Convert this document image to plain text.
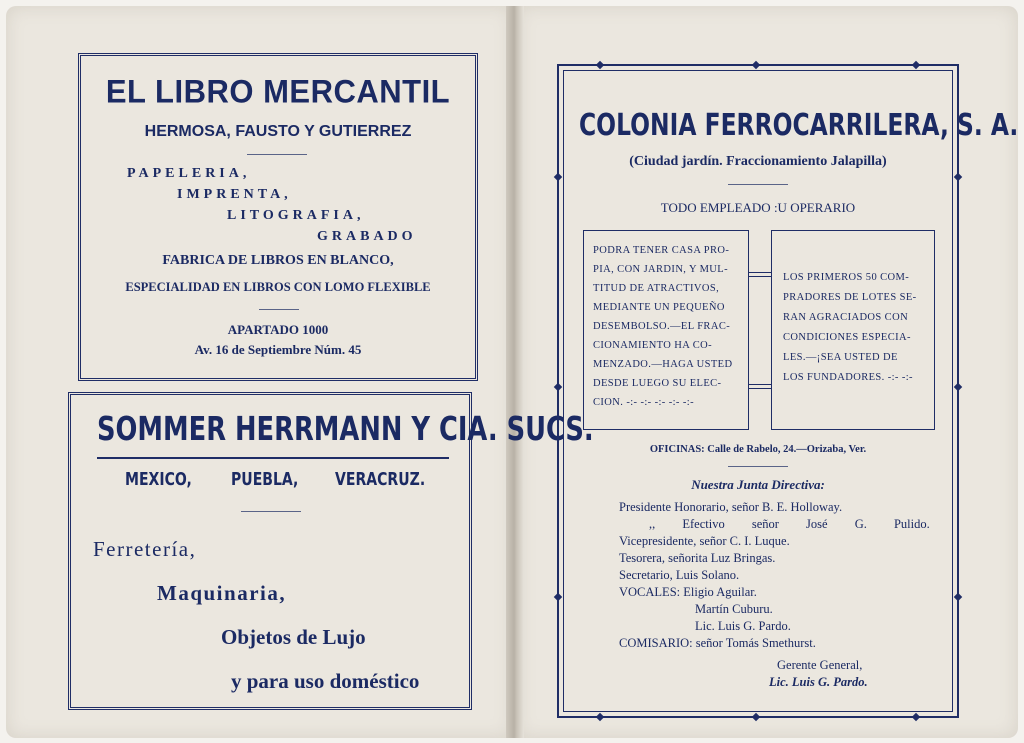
EL LIBRO MERCANTIL
HERMOSA, FAUSTO Y GUTIERREZ
PAPELERIA,
IMPRENTA,
LITOGRAFIA,
GRABADO
FABRICA DE LIBROS EN BLANCO,
ESPECIALIDAD EN LIBROS CON LOMO FLEXIBLE
APARTADO 1000
Av. 16 de Septiembre Núm. 45
SOMMER HERRMANN Y CIA. SUCS.
MEXICO,	PUEBLA,	VERACRUZ.
Ferretería,
Maquinaria,
Objetos de Lujo
y para uso doméstico
COLONIA FERROCARRILERA, S. A.
(Ciudad jardín. Fraccionamiento Jalapilla)
TODO EMPLEADO :U OPERARIO
PODRA TENER CASA PRO-
PIA, CON JARDIN, Y MUL-
TITUD DE ATRACTIVOS,
MEDIANTE UN PEQUEÑO
DESEMBOLSO.—EL FRAC-
CIONAMIENTO HA CO-
MENZADO.—HAGA USTED
DESDE LUEGO SU ELEC-
CION. -:- -:- -:- -:- -:-
LOS PRIMEROS 50 COM-
PRADORES DE LOTES SE-
RAN AGRACIADOS CON
CONDICIONES ESPECIA-
LES.—¡SEA USTED DE
LOS FUNDADORES. -:- -:-
OFICINAS: Calle de Rabelo, 24.—Orizaba, Ver.
Nuestra Junta Directiva:
Presidente Honorario, señor B. E. Holloway.
,, Efectivo señor José G. Pulido.
Vicepresidente, señor C. I. Luque.
Tesorera, señorita Luz Bringas.
Secretario, Luis Solano.
VOCALES: Eligio Aguilar.
Martín Cuburu.
Lic. Luis G. Pardo.
COMISARIO: señor Tomás Smethurst.
Gerente General,
Lic. Luis G. Pardo.
